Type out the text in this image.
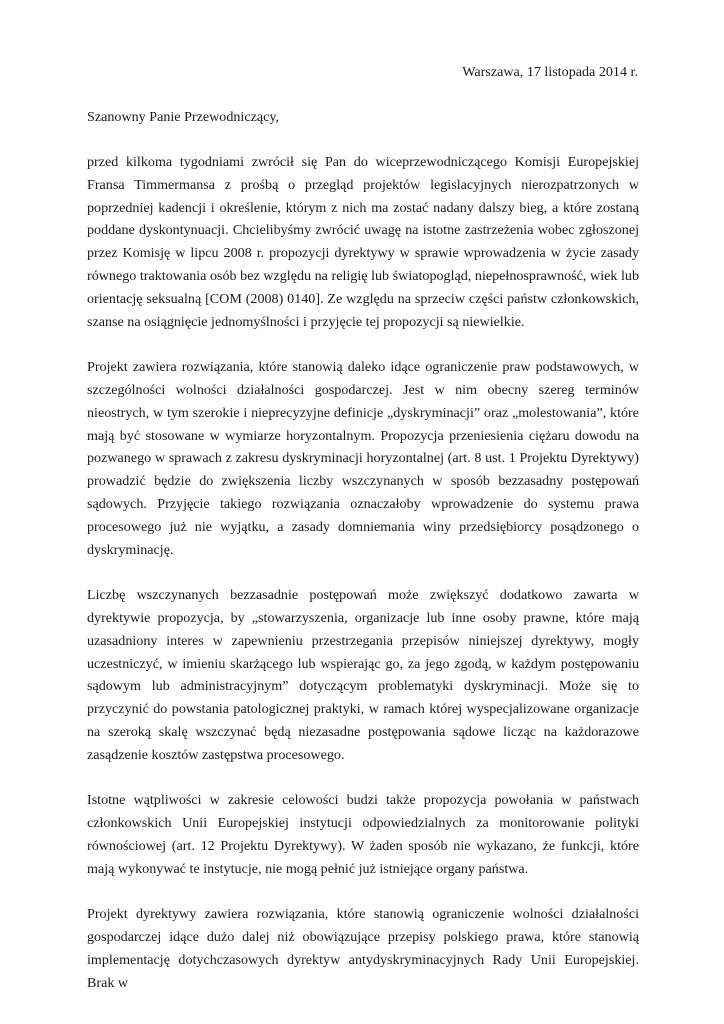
Warszawa, 17 listopada 2014 r.
Szanowny Panie Przewodniczący,

przed kilkoma tygodniami zwrócił się Pan do wiceprzewodniczącego Komisji Europejskiej Fransa Timmermansa z prośbą o przegląd projektów legislacyjnych nierozpatrzonych w poprzedniej kadencji i określenie, którym z nich ma zostać nadany dalszy bieg, a które zostaną poddane dyskontynuacji. Chcielibyśmy zwrócić uwagę na istotne zastrzeżenia wobec zgłoszonej przez Komisję w lipcu 2008 r. propozycji dyrektywy w sprawie wprowadzenia w życie zasady równego traktowania osób bez względu na religię lub światopogląd, niepełnosprawność, wiek lub orientację seksualną [COM (2008) 0140]. Ze względu na sprzeciw części państw członkowskich, szanse na osiągnięcie jednomyślności i przyjęcie tej propozycji są niewielkie.

Projekt zawiera rozwiązania, które stanowią daleko idące ograniczenie praw podstawowych, w szczególności wolności działalności gospodarczej. Jest w nim obecny szereg terminów nieostrych, w tym szerokie i nieprecyzyjne definicje „dyskryminacji” oraz „molestowania”, które mają być stosowane w wymiarze horyzontalnym. Propozycja przeniesienia ciężaru dowodu na pozwanego w sprawach z zakresu dyskryminacji horyzontalnej (art. 8 ust. 1 Projektu Dyrektywy) prowadzić będzie do zwiększenia liczby wszczynanych w sposób bezzasadny postępowań sądowych. Przyjęcie takiego rozwiązania oznaczałoby wprowadzenie do systemu prawa procesowego już nie wyjątku, a zasady domniemania winy przedsiębiorcy posądzonego o dyskryminację.

Liczbę wszczynanych bezzasadnie postępowań może zwiększyć dodatkowo zawarta w dyrektywie propozycja, by „stowarzyszenia, organizacje lub inne osoby prawne, które mają uzasadniony interes w zapewnieniu przestrzegania przepisów niniejszej dyrektywy, mogły uczestniczyć, w imieniu skarżącego lub wspierając go, za jego zgodą, w każdym postępowaniu sądowym lub administracyjnym” dotyczącym problematyki dyskryminacji. Może się to przyczynić do powstania patologicznej praktyki, w ramach której wyspecjalizowane organizacje na szeroką skalę wszczynać będą niezasadne postępowania sądowe licząc na każdorazowe zasądzenie kosztów zastępstwa procesowego.

Istotne wątpliwości w zakresie celowości budzi także propozycja powołania w państwach członkowskich Unii Europejskiej instytucji odpowiedzialnych za monitorowanie polityki równościowej (art. 12 Projektu Dyrektywy). W żaden sposób nie wykazano, że funkcji, które mają wykonywać te instytucje, nie mogą pełnić już istniejące organy państwa.

Projekt dyrektywy zawiera rozwiązania, które stanowią ograniczenie wolności działalności gospodarczej idące dużo dalej niż obowiązujące przepisy polskiego prawa, które stanowią implementację dotychczasowych dyrektyw antydyskryminacyjnych Rady Unii Europejskiej. Brak w
